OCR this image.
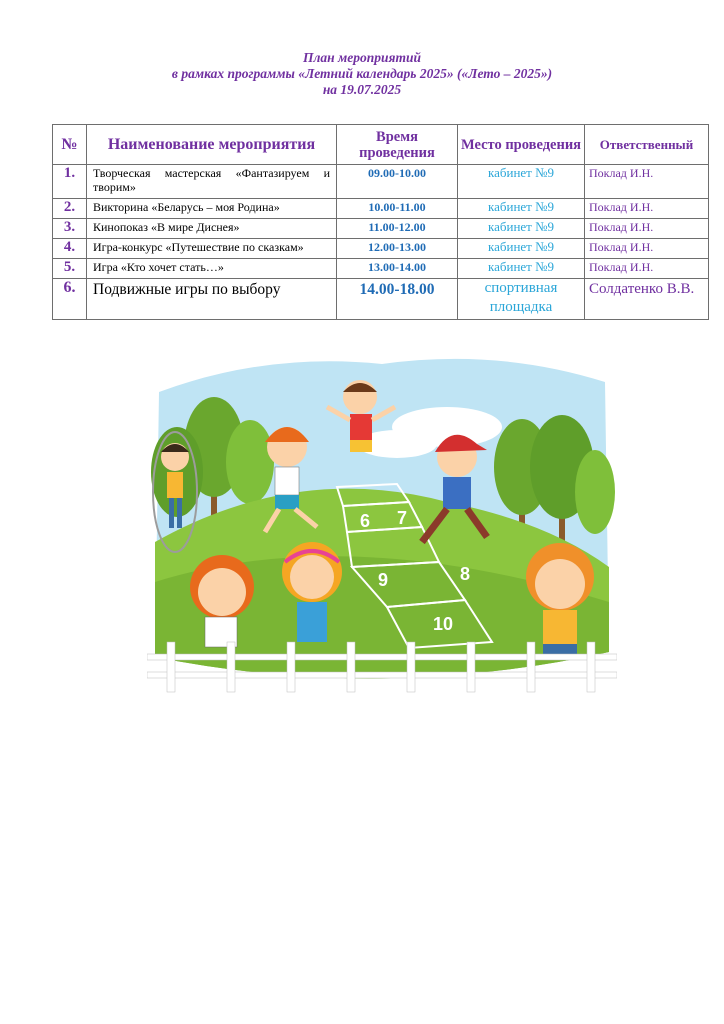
План мероприятий
в рамках программы «Летний календарь 2025» («Лето – 2025»)
на 19.07.2025
№	Наименование мероприятия	Время проведения	Место проведения	Ответственный
1.	Творческая мастерская «Фантазируем и творим»	09.00-10.00	кабинет №9	Поклад И.Н.
2.	Викторина «Беларусь – моя Родина»	10.00-11.00	кабинет №9	Поклад И.Н.
3.	Кинопоказ «В мире Диснея»	11.00-12.00	кабинет №9	Поклад И.Н.
4.	Игра-конкурс «Путешествие по сказкам»	12.00-13.00	кабинет №9	Поклад И.Н.
5.	Игра «Кто хочет стать…»	13.00-14.00	кабинет №9	Поклад И.Н.
6.	Подвижные игры по выбору	14.00-18.00	спортивная площадка	Солдатенко В.В.
6 7
8
9
10
